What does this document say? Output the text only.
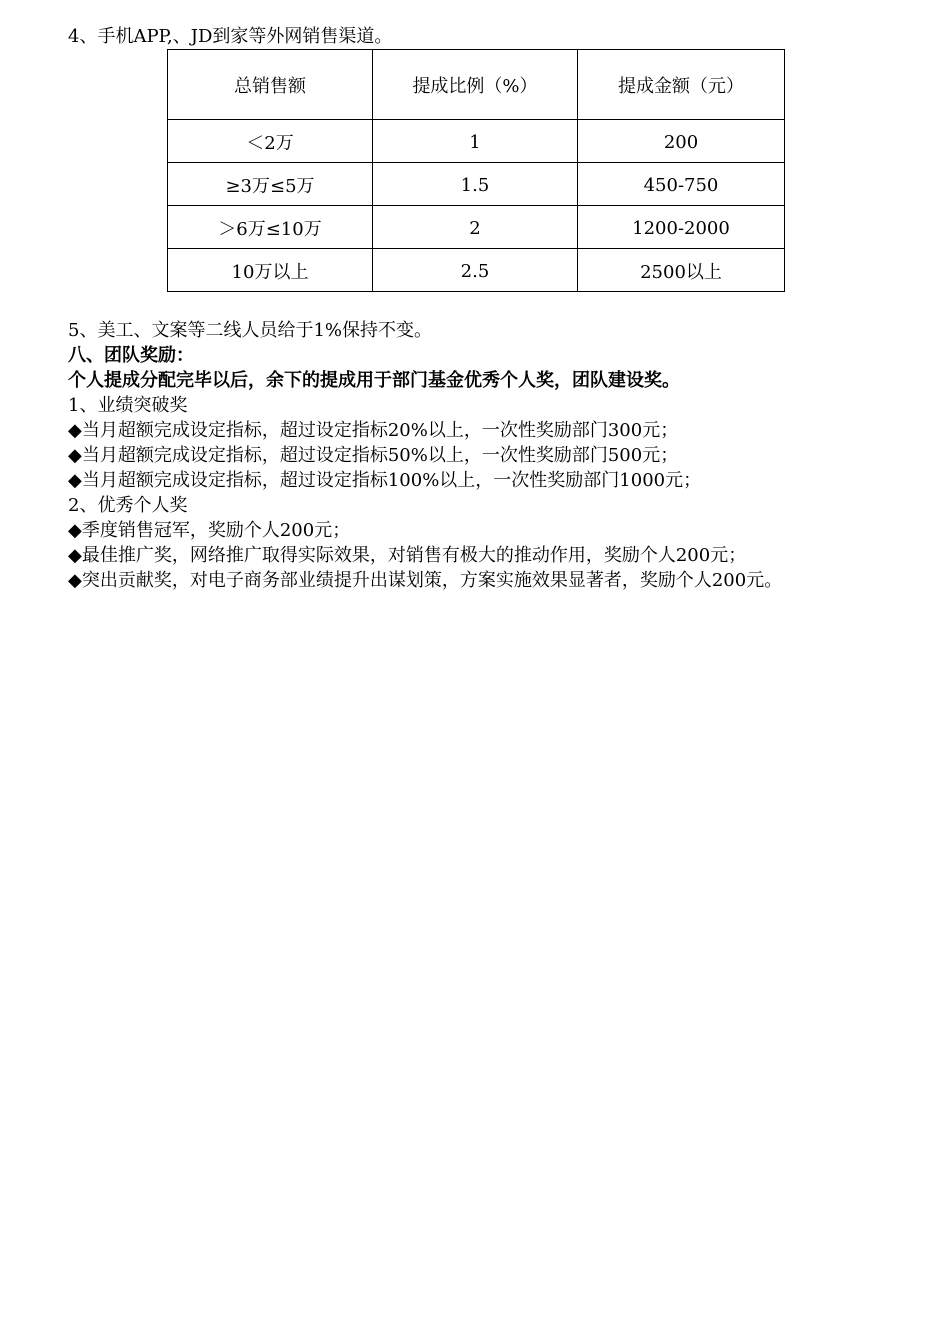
4、手机APP,、JD到家等外网销售渠道。
总销售额	提成比例（%）	提成金额（元）
＜2万	1	200
≥3万≤5万	1.5	450-750
＞6万≤10万	2	1200-2000
10万以上	2.5	2500以上
5、美工、文案等二线人员给于1%保持不变。
八、团队奖励：
个人提成分配完毕以后，余下的提成用于部门基金优秀个人奖，团队建设奖。
1、业绩突破奖
◆当月超额完成设定指标，超过设定指标20%以上，一次性奖励部门300元；
◆当月超额完成设定指标，超过设定指标50%以上，一次性奖励部门500元；
◆当月超额完成设定指标，超过设定指标100%以上，一次性奖励部门1000元；
2、优秀个人奖
◆季度销售冠军，奖励个人200元；
◆最佳推广奖，网络推广取得实际效果，对销售有极大的推动作用，奖励个人200元；
◆突出贡献奖，对电子商务部业绩提升出谋划策，方案实施效果显著者，奖励个人200元。
